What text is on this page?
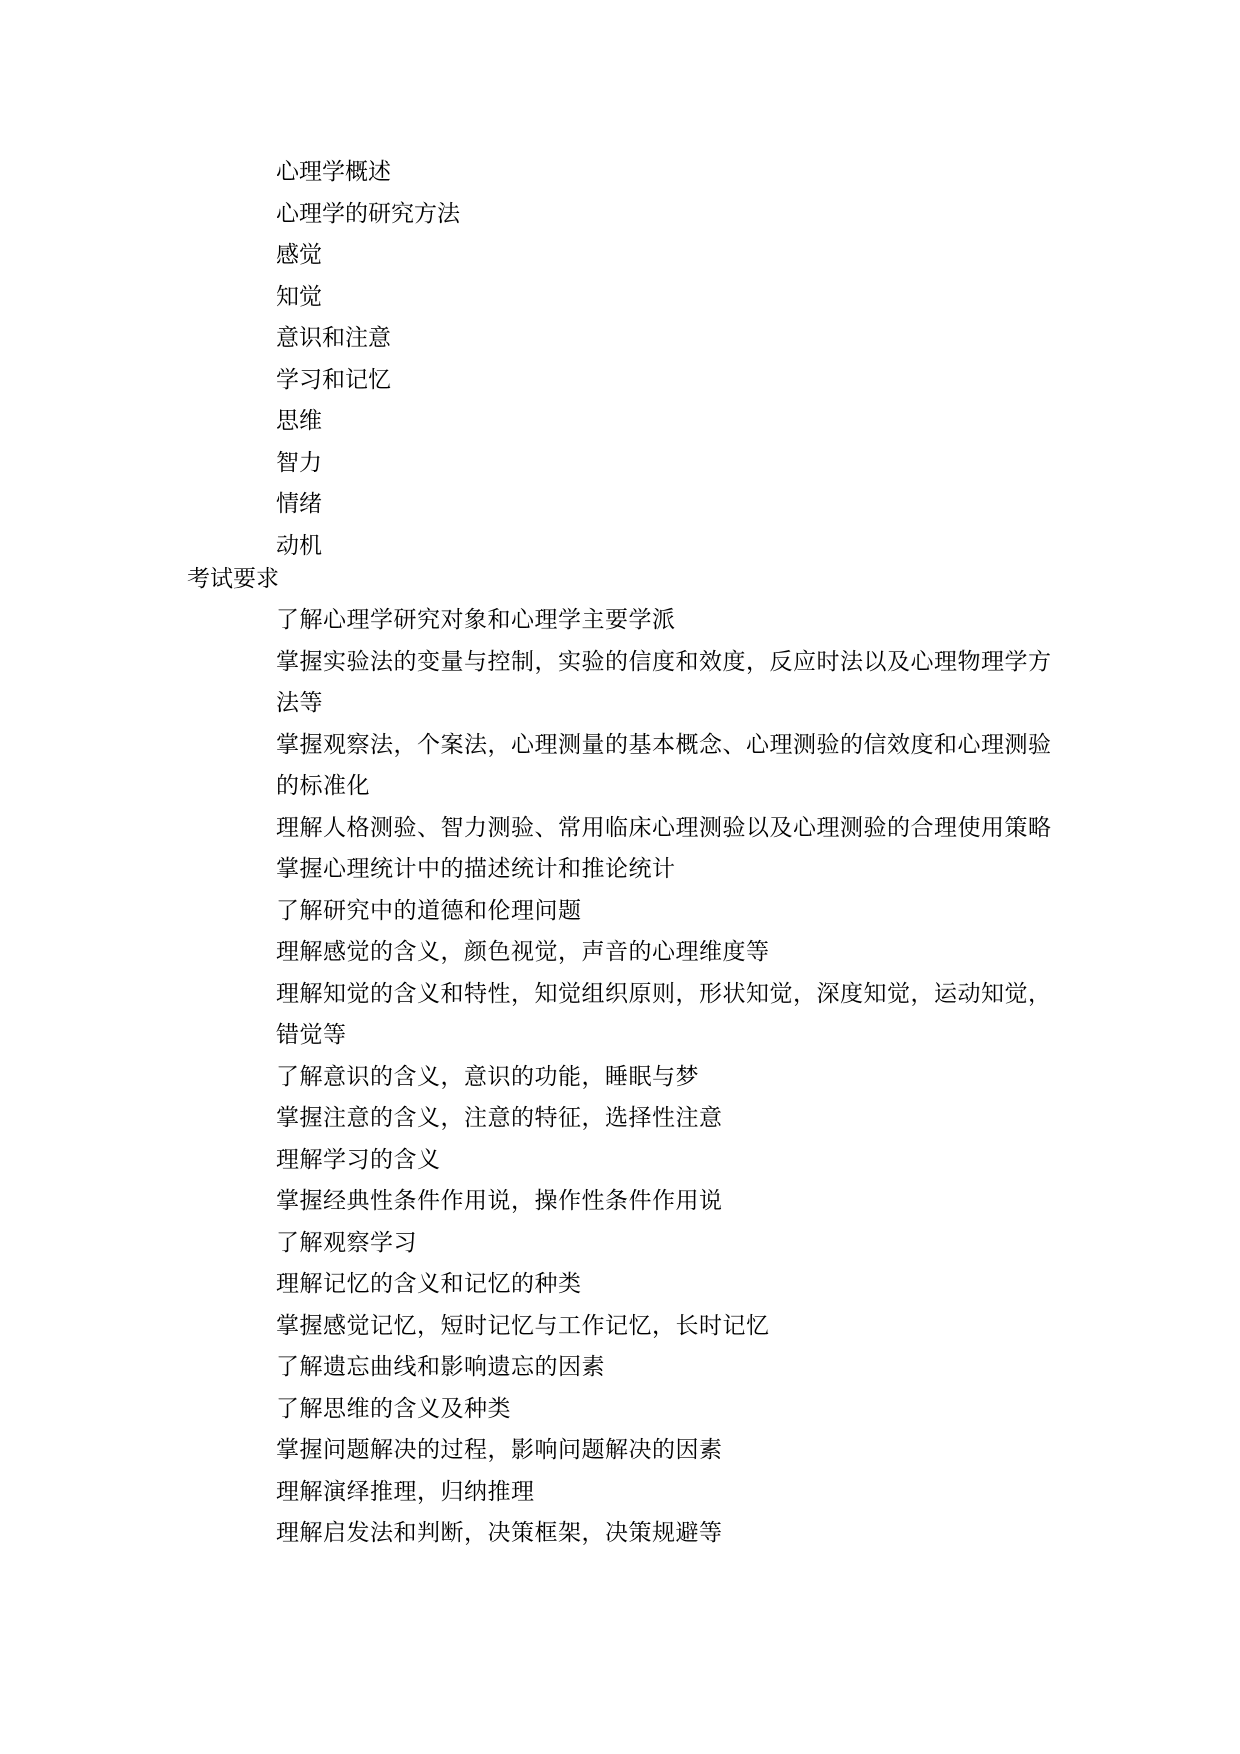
心理学概述
心理学的研究方法
感觉
知觉
意识和注意
学习和记忆
思维
智力
情绪
动机
考试要求
了解心理学研究对象和心理学主要学派
掌握实验法的变量与控制，实验的信度和效度，反应时法以及心理物理学方法等
掌握观察法，个案法，心理测量的基本概念、心理测验的信效度和心理测验的标准化
理解人格测验、智力测验、常用临床心理测验以及心理测验的合理使用策略
掌握心理统计中的描述统计和推论统计
了解研究中的道德和伦理问题
理解感觉的含义，颜色视觉，声音的心理维度等
理解知觉的含义和特性，知觉组织原则，形状知觉，深度知觉，运动知觉，错觉等
了解意识的含义，意识的功能，睡眠与梦
掌握注意的含义，注意的特征，选择性注意
理解学习的含义
掌握经典性条件作用说，操作性条件作用说
了解观察学习
理解记忆的含义和记忆的种类
掌握感觉记忆，短时记忆与工作记忆，长时记忆
了解遗忘曲线和影响遗忘的因素
了解思维的含义及种类
掌握问题解决的过程，影响问题解决的因素
理解演绎推理，归纳推理
理解启发法和判断，决策框架，决策规避等
